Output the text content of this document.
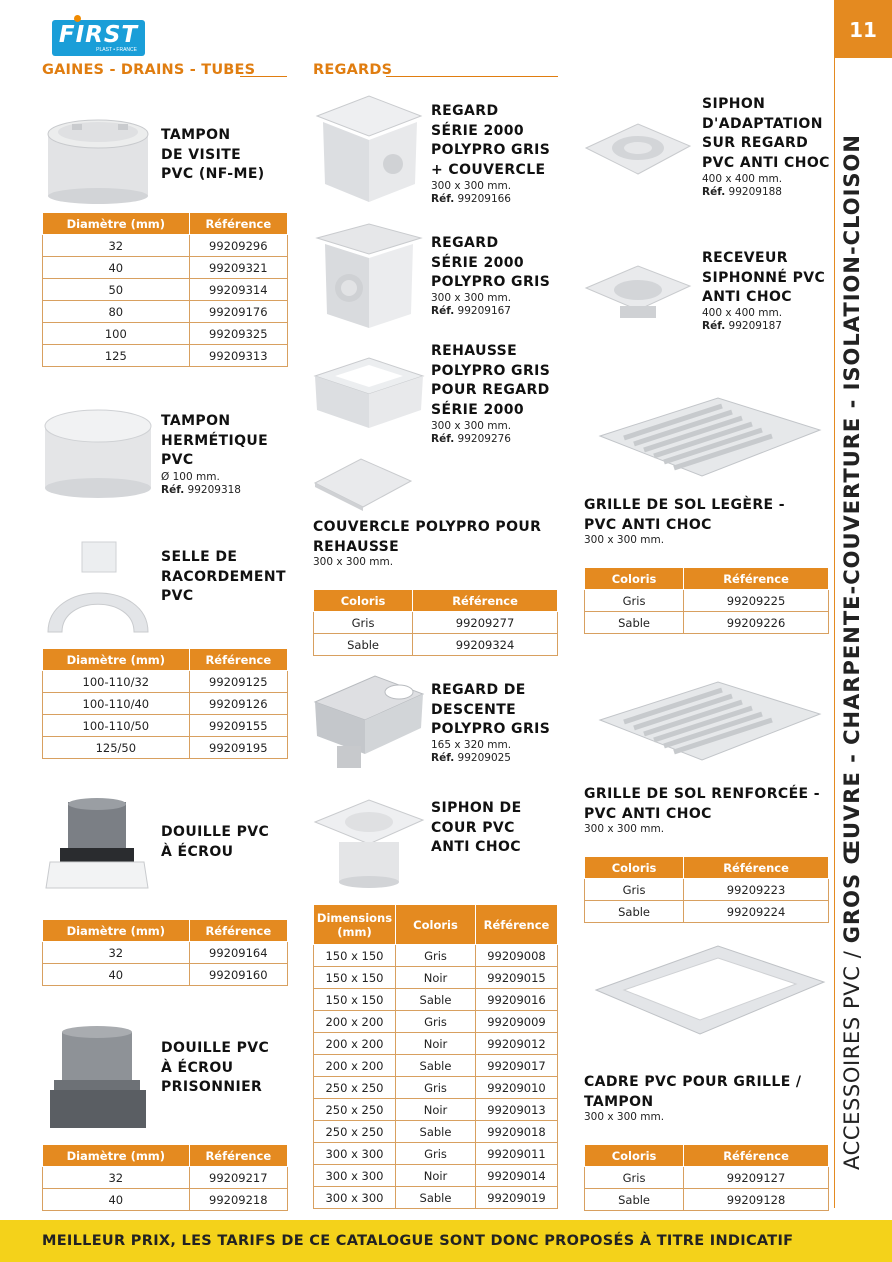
FIRST
PLAST • FRANCE
11
ACCESSOIRES PVC / GROS ŒUVRE - CHARPENTE-COUVERTURE - ISOLATION-CLOISON
GAINES - DRAINS - TUBES	REGARDS
TAMPON
DE VISITE
PVC (NF-ME)
Diamètre (mm)	Référence
32	99209296
40	99209321
50	99209314
80	99209176
100	99209325
125	99209313
TAMPON
HERMÉTIQUE
PVC
Ø 100 mm.
Réf. 99209318
SELLE DE
RACORDEMENT
PVC
Diamètre (mm)	Référence
100-110/32	99209125
100-110/40	99209126
100-110/50	99209155
125/50	99209195
DOUILLE PVC
À ÉCROU
Diamètre (mm)	Référence
32	99209164
40	99209160
DOUILLE PVC
À ÉCROU
PRISONNIER
Diamètre (mm)	Référence
32	99209217
40	99209218
REGARD
SÉRIE 2000
POLYPRO GRIS
+ COUVERCLE
300 x 300 mm.
Réf. 99209166
REGARD
SÉRIE 2000
POLYPRO GRIS
300 x 300 mm.
Réf. 99209167
REHAUSSE
POLYPRO GRIS
POUR REGARD
SÉRIE 2000
300 x 300 mm.
Réf. 99209276
COUVERCLE POLYPRO POUR
REHAUSSE
300 x 300 mm.
Coloris	Référence
Gris	99209277
Sable	99209324
REGARD DE
DESCENTE
POLYPRO GRIS
165 x 320 mm.
Réf. 99209025
SIPHON DE
COUR PVC
ANTI CHOC
Dimensions (mm)	Coloris	Référence
150 x 150	Gris	99209008
150 x 150	Noir	99209015
150 x 150	Sable	99209016
200 x 200	Gris	99209009
200 x 200	Noir	99209012
200 x 200	Sable	99209017
250 x 250	Gris	99209010
250 x 250	Noir	99209013
250 x 250	Sable	99209018
300 x 300	Gris	99209011
300 x 300	Noir	99209014
300 x 300	Sable	99209019
SIPHON
D'ADAPTATION
SUR REGARD
PVC ANTI CHOC
400 x 400 mm.
Réf. 99209188
RECEVEUR
SIPHONNÉ PVC
ANTI CHOC
400 x 400 mm.
Réf. 99209187
GRILLE DE SOL LEGÈRE -
PVC ANTI CHOC
300 x 300 mm.
Coloris	Référence
Gris	99209225
Sable	99209226
GRILLE DE SOL RENFORCÉE -
PVC ANTI CHOC
300 x 300 mm.
Coloris	Référence
Gris	99209223
Sable	99209224
CADRE PVC POUR GRILLE /
TAMPON
300 x 300 mm.
Coloris	Référence
Gris	99209127
Sable	99209128
MEILLEUR PRIX, LES TARIFS DE CE CATALOGUE SONT DONC PROPOSÉS À TITRE INDICATIF
